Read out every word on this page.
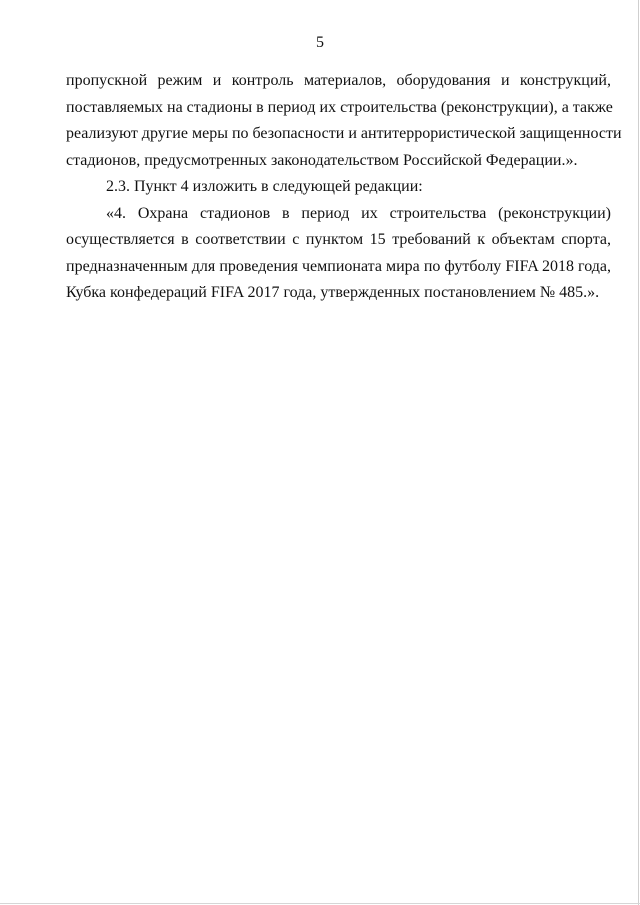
5
пропускной режим и контроль материалов, оборудования и конструкций,
поставляемых на стадионы в период их строительства (реконструкции), а также
реализуют другие меры по безопасности и антитеррористической защищенности
стадионов, предусмотренных законодательством Российской Федерации.».
2.3. Пункт 4 изложить в следующей редакции:
«4. Охрана стадионов в период их строительства (реконструкции)
осуществляется в соответствии с пунктом 15 требований к объектам спорта,
предназначенным для проведения чемпионата мира по футболу FIFA 2018 года,
Кубка конфедераций FIFA 2017 года, утвержденных постановлением № 485.».
